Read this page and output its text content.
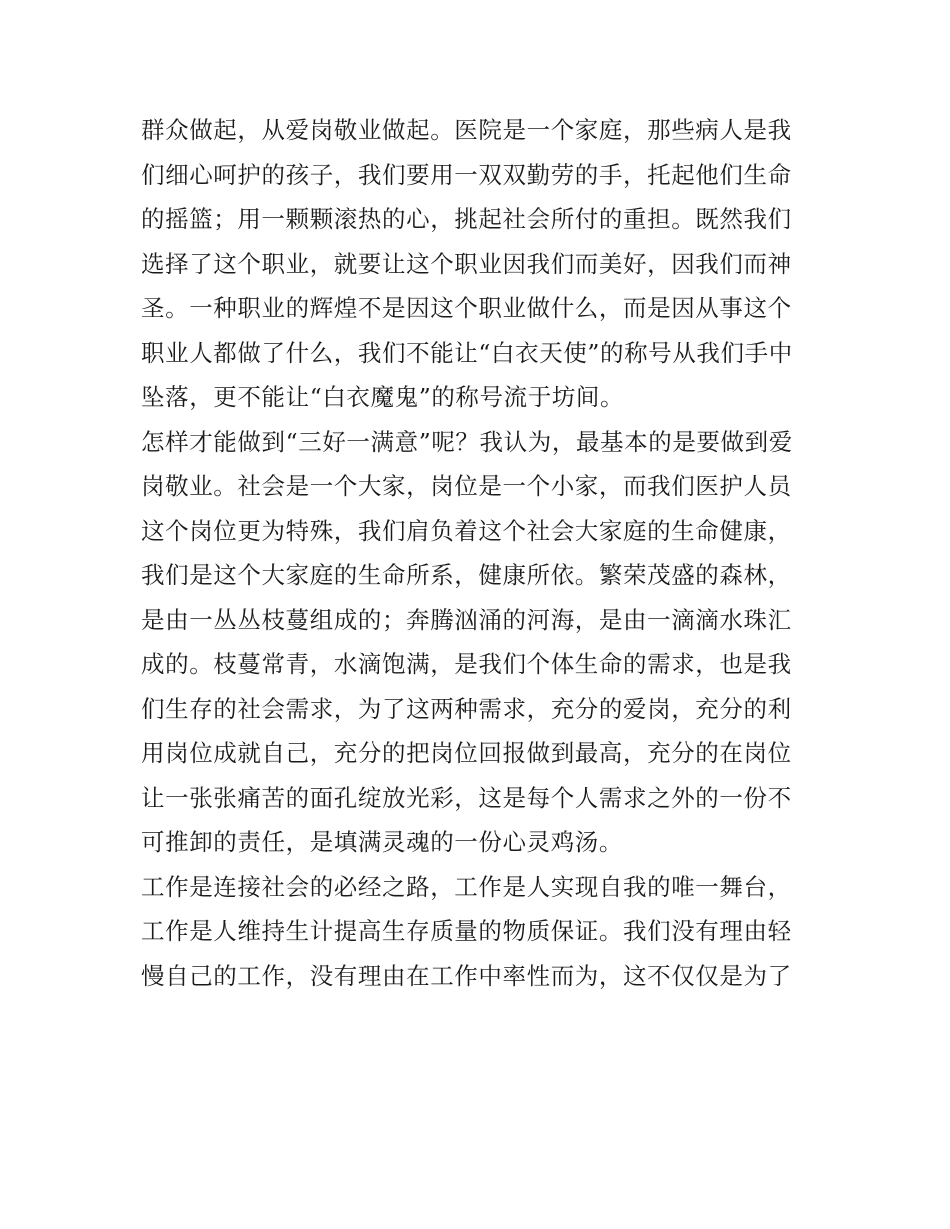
群众做起，从爱岗敬业做起。医院是一个家庭，那些病人是我
们细心呵护的孩子，我们要用一双双勤劳的手，托起他们生命
的摇篮；用一颗颗滚热的心，挑起社会所付的重担。既然我们
选择了这个职业，就要让这个职业因我们而美好，因我们而神
圣。一种职业的辉煌不是因这个职业做什么，而是因从事这个
职业人都做了什么，我们不能让“白衣天使”的称号从我们手中
坠落，更不能让“白衣魔鬼”的称号流于坊间。
怎样才能做到“三好一满意”呢？我认为，最基本的是要做到爱
岗敬业。社会是一个大家，岗位是一个小家，而我们医护人员
这个岗位更为特殊，我们肩负着这个社会大家庭的生命健康，
我们是这个大家庭的生命所系，健康所依。繁荣茂盛的森林，
是由一丛丛枝蔓组成的；奔腾汹涌的河海，是由一滴滴水珠汇
成的。枝蔓常青，水滴饱满，是我们个体生命的需求，也是我
们生存的社会需求，为了这两种需求，充分的爱岗，充分的利
用岗位成就自己，充分的把岗位回报做到最高，充分的在岗位
让一张张痛苦的面孔绽放光彩，这是每个人需求之外的一份不
可推卸的责任，是填满灵魂的一份心灵鸡汤。
工作是连接社会的必经之路，工作是人实现自我的唯一舞台，
工作是人维持生计提高生存质量的物质保证。我们没有理由轻
慢自己的工作，没有理由在工作中率性而为，这不仅仅是为了
